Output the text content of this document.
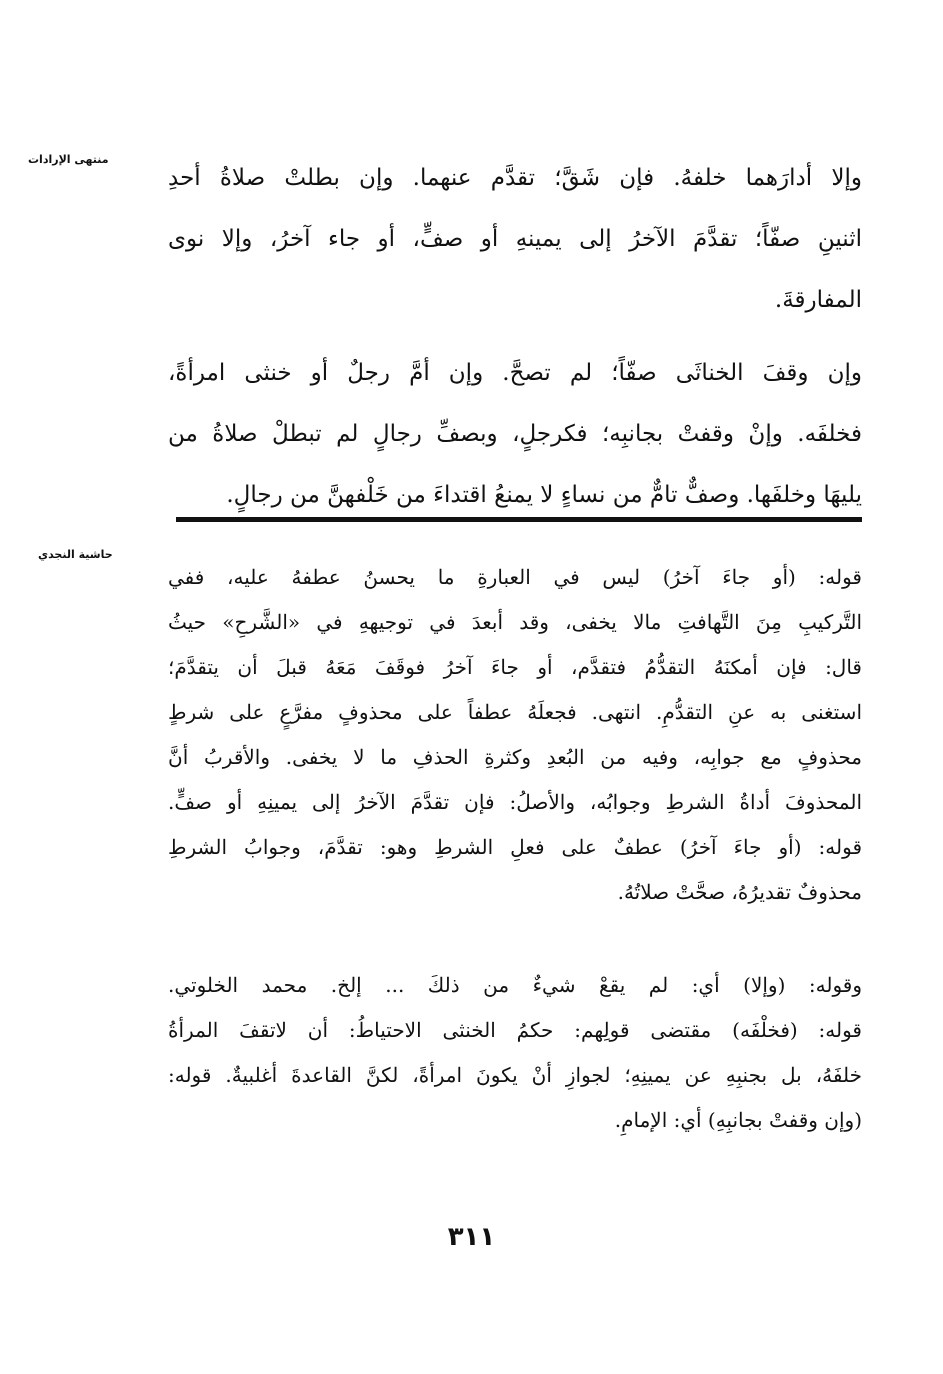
منتهى الإرادات
حاشية النجدي
وإلا أدارَهما خلفهُ. فإن شَقَّ؛ تقدَّم عنهما. وإن بطلتْ صلاةُ أحدِ
اثنينِ صفّاً؛ تقدَّمَ الآخرُ إلى يمينهِ أو صفٍّ، أو جاء آخرُ، وإلا نوى
المفارقةَ.
وإن وقفَ الخناثَى صفّاً؛ لم تصحَّ. وإن أمَّ رجلٌ أو خنثى امرأةً،
فخلفَه. وإنْ وقفتْ بجانبِه؛ فكرجلٍ، وبصفِّ رجالٍ لم تبطلْ صلاةُ من
يليهَا وخلفَها. وصفٌّ تامٌّ من نساءٍ لا يمنعُ اقتداءَ من خَلْفهنَّ من رجالٍ.
قوله: (أو جاءَ آخرُ) ليس في العبارةِ ما يحسنُ عطفهُ عليه، ففي
التَّركيبِ مِنَ التَّهافتِ مالا يخفى، وقد أبعدَ في توجيههِ في «الشَّرحِ» حيثُ
قال: فإن أمكنَهُ التقدُّمُ فتقدَّم، أو جاءَ آخرُ فوقَفَ مَعَهُ قبلَ أن يتقدَّمَ؛
استغنى به عنِ التقدُّمِ. انتهى. فجعلَهُ عطفاً على محذوفٍ مفرَّعٍ على شرطٍ
محذوفٍ مع جوابِه، وفيه من البُعدِ وكثرةِ الحذفِ ما لا يخفى. والأقربُ أنَّ
المحذوفَ أداةُ الشرطِ وجوابُه، والأصلُ: فإن تقدَّمَ الآخرُ إلى يمينِهِ أو صفٍّ.
قوله: (أو جاءَ آخرُ) عطفٌ على فعلِ الشرطِ وهو: تقدَّمَ، وجوابُ الشرطِ
محذوفٌ تقديرُهُ، صحَّتْ صلاتُهُ.
وقوله: (وإلا) أي: لم يقعْ شيءٌ من ذلكَ ... إلخ. محمد الخلوتي.
قوله: (فخلْفَه) مقتضى قولِهم: حكمُ الخنثى الاحتياطُ: أن لاتقفَ المرأةُ
خلفَهُ، بل بجنبِهِ عن يمينِهِ؛ لجوازِ أنْ يكونَ امرأةً، لكنَّ القاعدةَ أغلبيةٌ. قوله:
(وإن وقفتْ بجانبِهِ) أي: الإمامِ.
٣١١
